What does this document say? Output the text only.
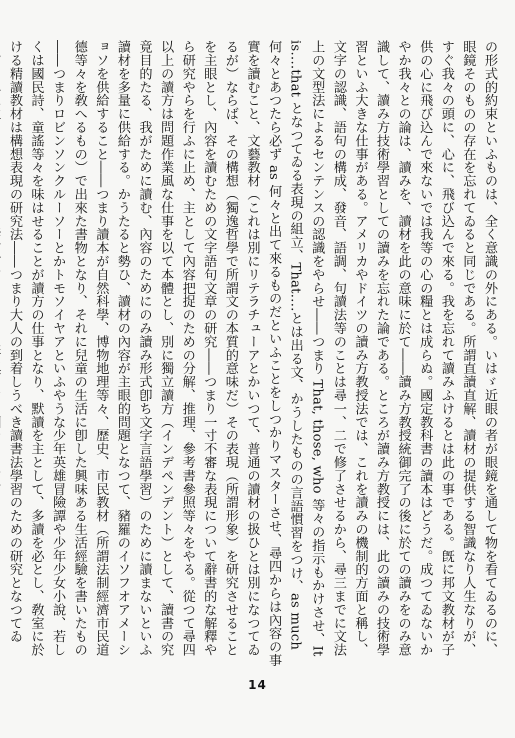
の形式的約束といふものは、全く意識の外にある。いはゞ近眼の者が眼鏡を通して物を看てゐるのに、眼鏡そのものの存在を忘れてゐると同じである。所謂直讀直解、讀材の提供する智識なり人生なりが、すぐ我々の頭に、心に、飛び込んで來る。我を忘れて讀みふけるとは此の事である。旣に邦文教材が子供の心に飛び込んで來ないでは我等の心の糧とは成らぬ。國定教科書の讀本はどうだ。成つてゐないかやか我々との論は、讀みを、讀材を此の意味に於て――讀み方教授統御完了の後に於ての讀みをのみ意識して、讀み方技術學習としての讀みを忘れた論である。ところが讀み方教授には、此の讀みの技術學習といふ大きな仕事がある。アメリカやドイツの讀み方教授法では、これを讀みの機制的方面と稱し、文字の認識、語句の構成、發音、語調、句讀法等のことは尋一、二で修了させるから、尋三までに文法上の文型法によるセンテンスの認識をやらせ――つまり That, those, who 等々の指示もかけさせ、It is‥‥that となつてゐる表現の組立、That‥‥とは出る文、かうしたものの言語慣習をつけ、as much 何々とあつたら必ず as 何々と出て來るものだといふことをしつかりマスターさせ、尋四からは內容の事實を讀むこと、文藝教材（これは別にリテラチューアとかいつて、普通の讀材の扱ひとは別になつてゐるが）ならば、その構想（獨逸哲學で所謂文の本質的意味だ）その表現（所謂形象）を研究させることを主眼とし、內容を讀むための文字語句文章の研究――つまり一寸不審な表現について辭書的な解釋やら研究やらを行ふに止め、主として內容把捉のための分解、推理、參考書參照等々をやる。從つて尋四以上の讀方は問題作業風な仕事を以て本體とし、別に獨立讀方（インデペンデント）として、讀書の究竟目的たる、我がために讀む、內容のためにのみ讀み形式卽ち文字言語學習）のために讀まないといふ讀材を多量に供給する。かうたると勢ひ、讀材の內容が主眼的問題となつて、豬羅のイソフオアメーショソを供給すること――つまり讀本が自然科學、博物地理等々、歷史、市民教材（所謂法制經濟市民道德等々を敎へるもの）で出來た書物となり、それに兒童の生活に卽した興味ある生活經驗を書いたもの――つまりロビンソンクルーソーとかトモソイヤアといふやうな少年英雄冒險譚や少年少女小說、若しくは國民詩、童謠等々を味はせることが讀方の仕事となり、默讀を主として、多讀を必とし、敎室に於ける精讀教材は構想表現の研究法――つまり大人の到着しうべき讀書法學習のための研究となつてゐ

14
